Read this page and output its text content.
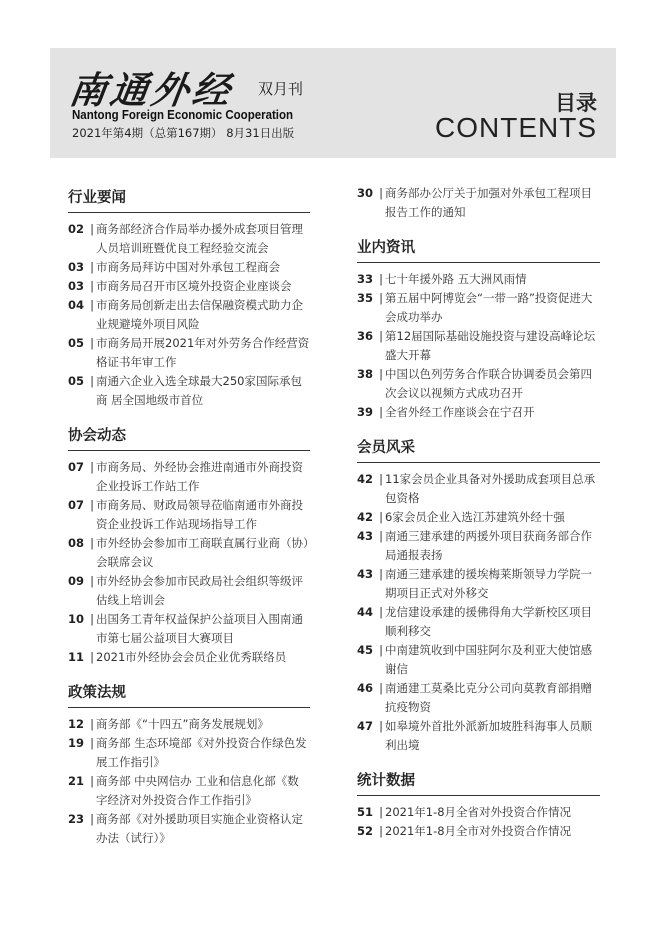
南通外经 双月刊
Nantong Foreign Economic Cooperation
2021年第4期（总第167期） 8月31日出版
目录
CONTENTS
行业要闻
02 | 商务部经济合作局举办援外成套项目管理人员培训班暨优良工程经验交流会
03 | 市商务局拜访中国对外承包工程商会
03 | 市商务局召开市区境外投资企业座谈会
04 | 市商务局创新走出去信保融资模式助力企业规避境外项目风险
05 | 市商务局开展2021年对外劳务合作经营资格证书年审工作
05 | 南通六企业入选全球最大250家国际承包商 居全国地级市首位
协会动态
07 | 市商务局、外经协会推进南通市外商投资企业投诉工作站工作
07 | 市商务局、财政局领导莅临南通市外商投资企业投诉工作站现场指导工作
08 | 市外经协会参加市工商联直属行业商（协）会联席会议
09 | 市外经协会参加市民政局社会组织等级评估线上培训会
10 | 出国务工青年权益保护公益项目入围南通市第七届公益项目大赛项目
11 | 2021市外经协会会员企业优秀联络员
政策法规
12 | 商务部《“十四五”商务发展规划》
19 | 商务部 生态环境部《对外投资合作绿色发展工作指引》
21 | 商务部 中央网信办 工业和信息化部《数字经济对外投资合作工作指引》
23 | 商务部《对外援助项目实施企业资格认定办法（试行）》
30 | 商务部办公厅关于加强对外承包工程项目报告工作的通知
业内资讯
33 | 七十年援外路 五大洲风雨情
35 | 第五届中阿博览会“一带一路”投资促进大会成功举办
36 | 第12届国际基础设施投资与建设高峰论坛盛大开幕
38 | 中国以色列劳务合作联合协调委员会第四次会议以视频方式成功召开
39 | 全省外经工作座谈会在宁召开
会员风采
42 | 11家会员企业具备对外援助成套项目总承包资格
42 | 6家会员企业入选江苏建筑外经十强
43 | 南通三建承建的两援外项目获商务部合作局通报表扬
43 | 南通三建承建的援埃梅莱斯领导力学院一期项目正式对外移交
44 | 龙信建设承建的援佛得角大学新校区项目顺利移交
45 | 中南建筑收到中国驻阿尔及利亚大使馆感谢信
46 | 南通建工莫桑比克分公司向莫教育部捐赠抗疫物资
47 | 如皋境外首批外派新加坡胜科海事人员顺利出境
统计数据
51 | 2021年1-8月全省对外投资合作情况
52 | 2021年1-8月全市对外投资合作情况
